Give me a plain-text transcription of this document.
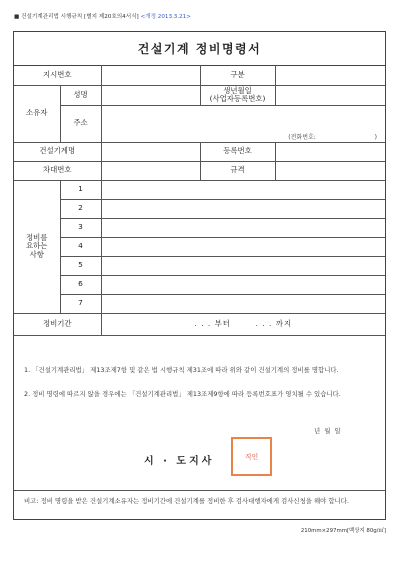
■ 건설기계관리법 시행규칙 [별지 제20호의4서식] <개정 2013.3.21>
건설기계 정비명령서
지시번호			구분	
소유자	성명		생년월일
(사업자등록번호)	

	주소			
		(전화번호: )		
건설기계명			등록번호	
차대번호			규격	

정비를
요하는
사항	1			
	2			
	3			
	4			
	5			
	6			
	7			
정비기간		. . . 부터 . . . 까지		
1. 「건설기계관리법」 제13조제7항 및 같은 법 시행규칙 제31조에 따라 위와 같이 건설기계의 정비를 명합니다.
2. 정비 명령에 따르지 않을 경우에는 「건설기계관리법」 제13조제9항에 따라 등록번호표가 영치될 수 있습니다.
년 월 일
시 · 도지사	직인
비고: 정비 명령을 받은 건설기계소유자는 정비기간에 건설기계를 정비한 후 검사대행자에게 검사신청을 해야 합니다.
210mm×297mm[백상지 80g/㎡]
